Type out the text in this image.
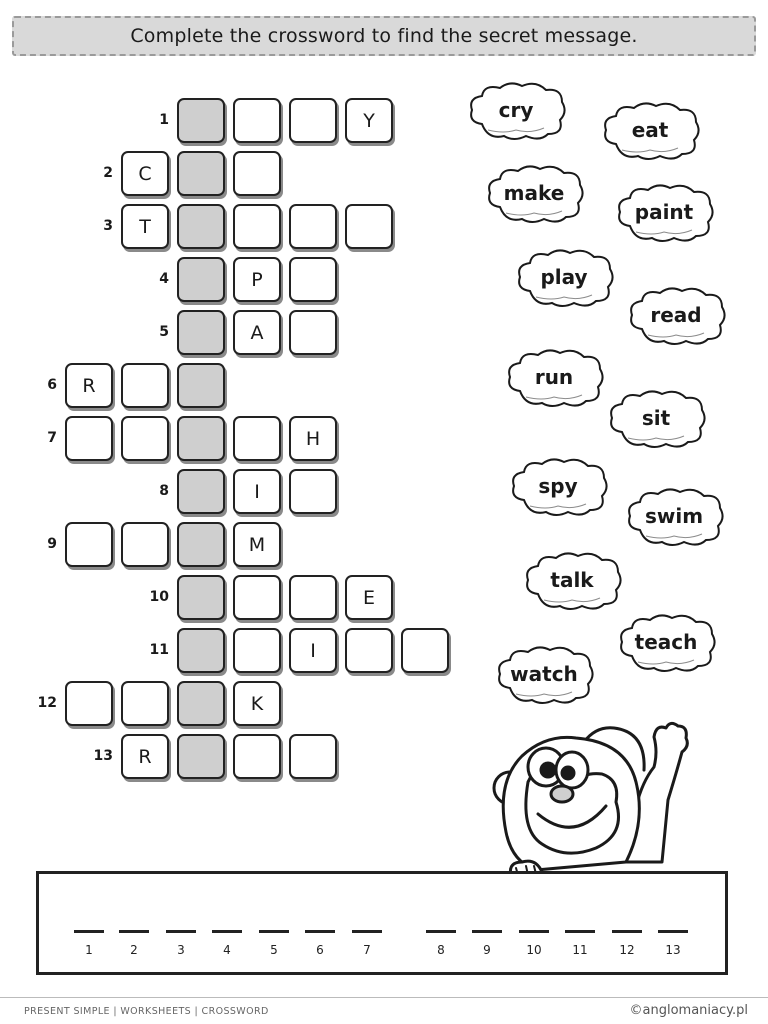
Complete the crossword to find the secret message.
1	Y
2	C
3	T
4	P
5	A
6	R
7	H
8	I
9	M
10	E
11	I
12	K
13	R
cry
eat
make
paint
play
read
run
sit
spy
swim
talk
teach
watch
1	2	3	4	5	6	7	8	9	10	11	12	13
PRESENT SIMPLE | WORKSHEETS | CROSSWORD	©anglomaniacy.pl
